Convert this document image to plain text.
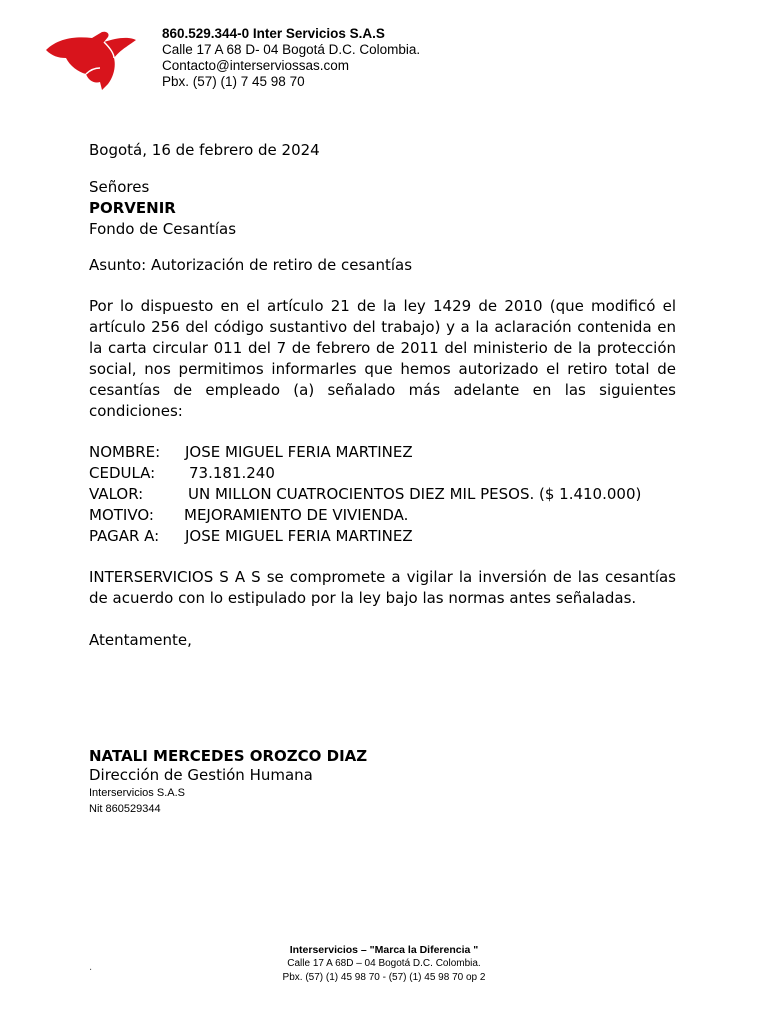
860.529.344-0 Inter Servicios S.A.S
Calle 17 A 68 D- 04 Bogotá D.C. Colombia.
Contacto@interserviossas.com
Pbx. (57) (1) 7 45 98 70
Bogotá, 16 de febrero de 2024
Señores
PORVENIR
Fondo de Cesantías
Asunto: Autorización de retiro de cesantías
Por lo dispuesto en el artículo 21 de la ley 1429 de 2010 (que modificó el artículo 256 del código sustantivo del trabajo) y a la aclaración contenida en la carta circular 011 del 7 de febrero de 2011 del ministerio de la protección social, nos permitimos informarles que hemos autorizado el retiro total de cesantías de empleado (a) señalado más adelante en las siguientes condiciones:
NOMBRE: JOSE MIGUEL FERIA MARTINEZ
CEDULA: 73.181.240
VALOR:	UN MILLON CUATROCIENTOS DIEZ MIL PESOS. ($ 1.410.000)
MOTIVO: MEJORAMIENTO DE VIVIENDA.
PAGAR A: JOSE MIGUEL FERIA MARTINEZ
INTERSERVICIOS S A S se compromete a vigilar la inversión de las cesantías de acuerdo con lo estipulado por la ley bajo las normas antes señaladas.
Atentamente,
NATALI MERCEDES OROZCO DIAZ
Dirección de Gestión Humana
Interservicios S.A.S
Nit 860529344
.
Interservicios – "Marca la Diferencia "
Calle 17 A 68D – 04 Bogotá D.C. Colombia.
Pbx. (57) (1) 45 98 70 - (57) (1) 45 98 70 op 2
